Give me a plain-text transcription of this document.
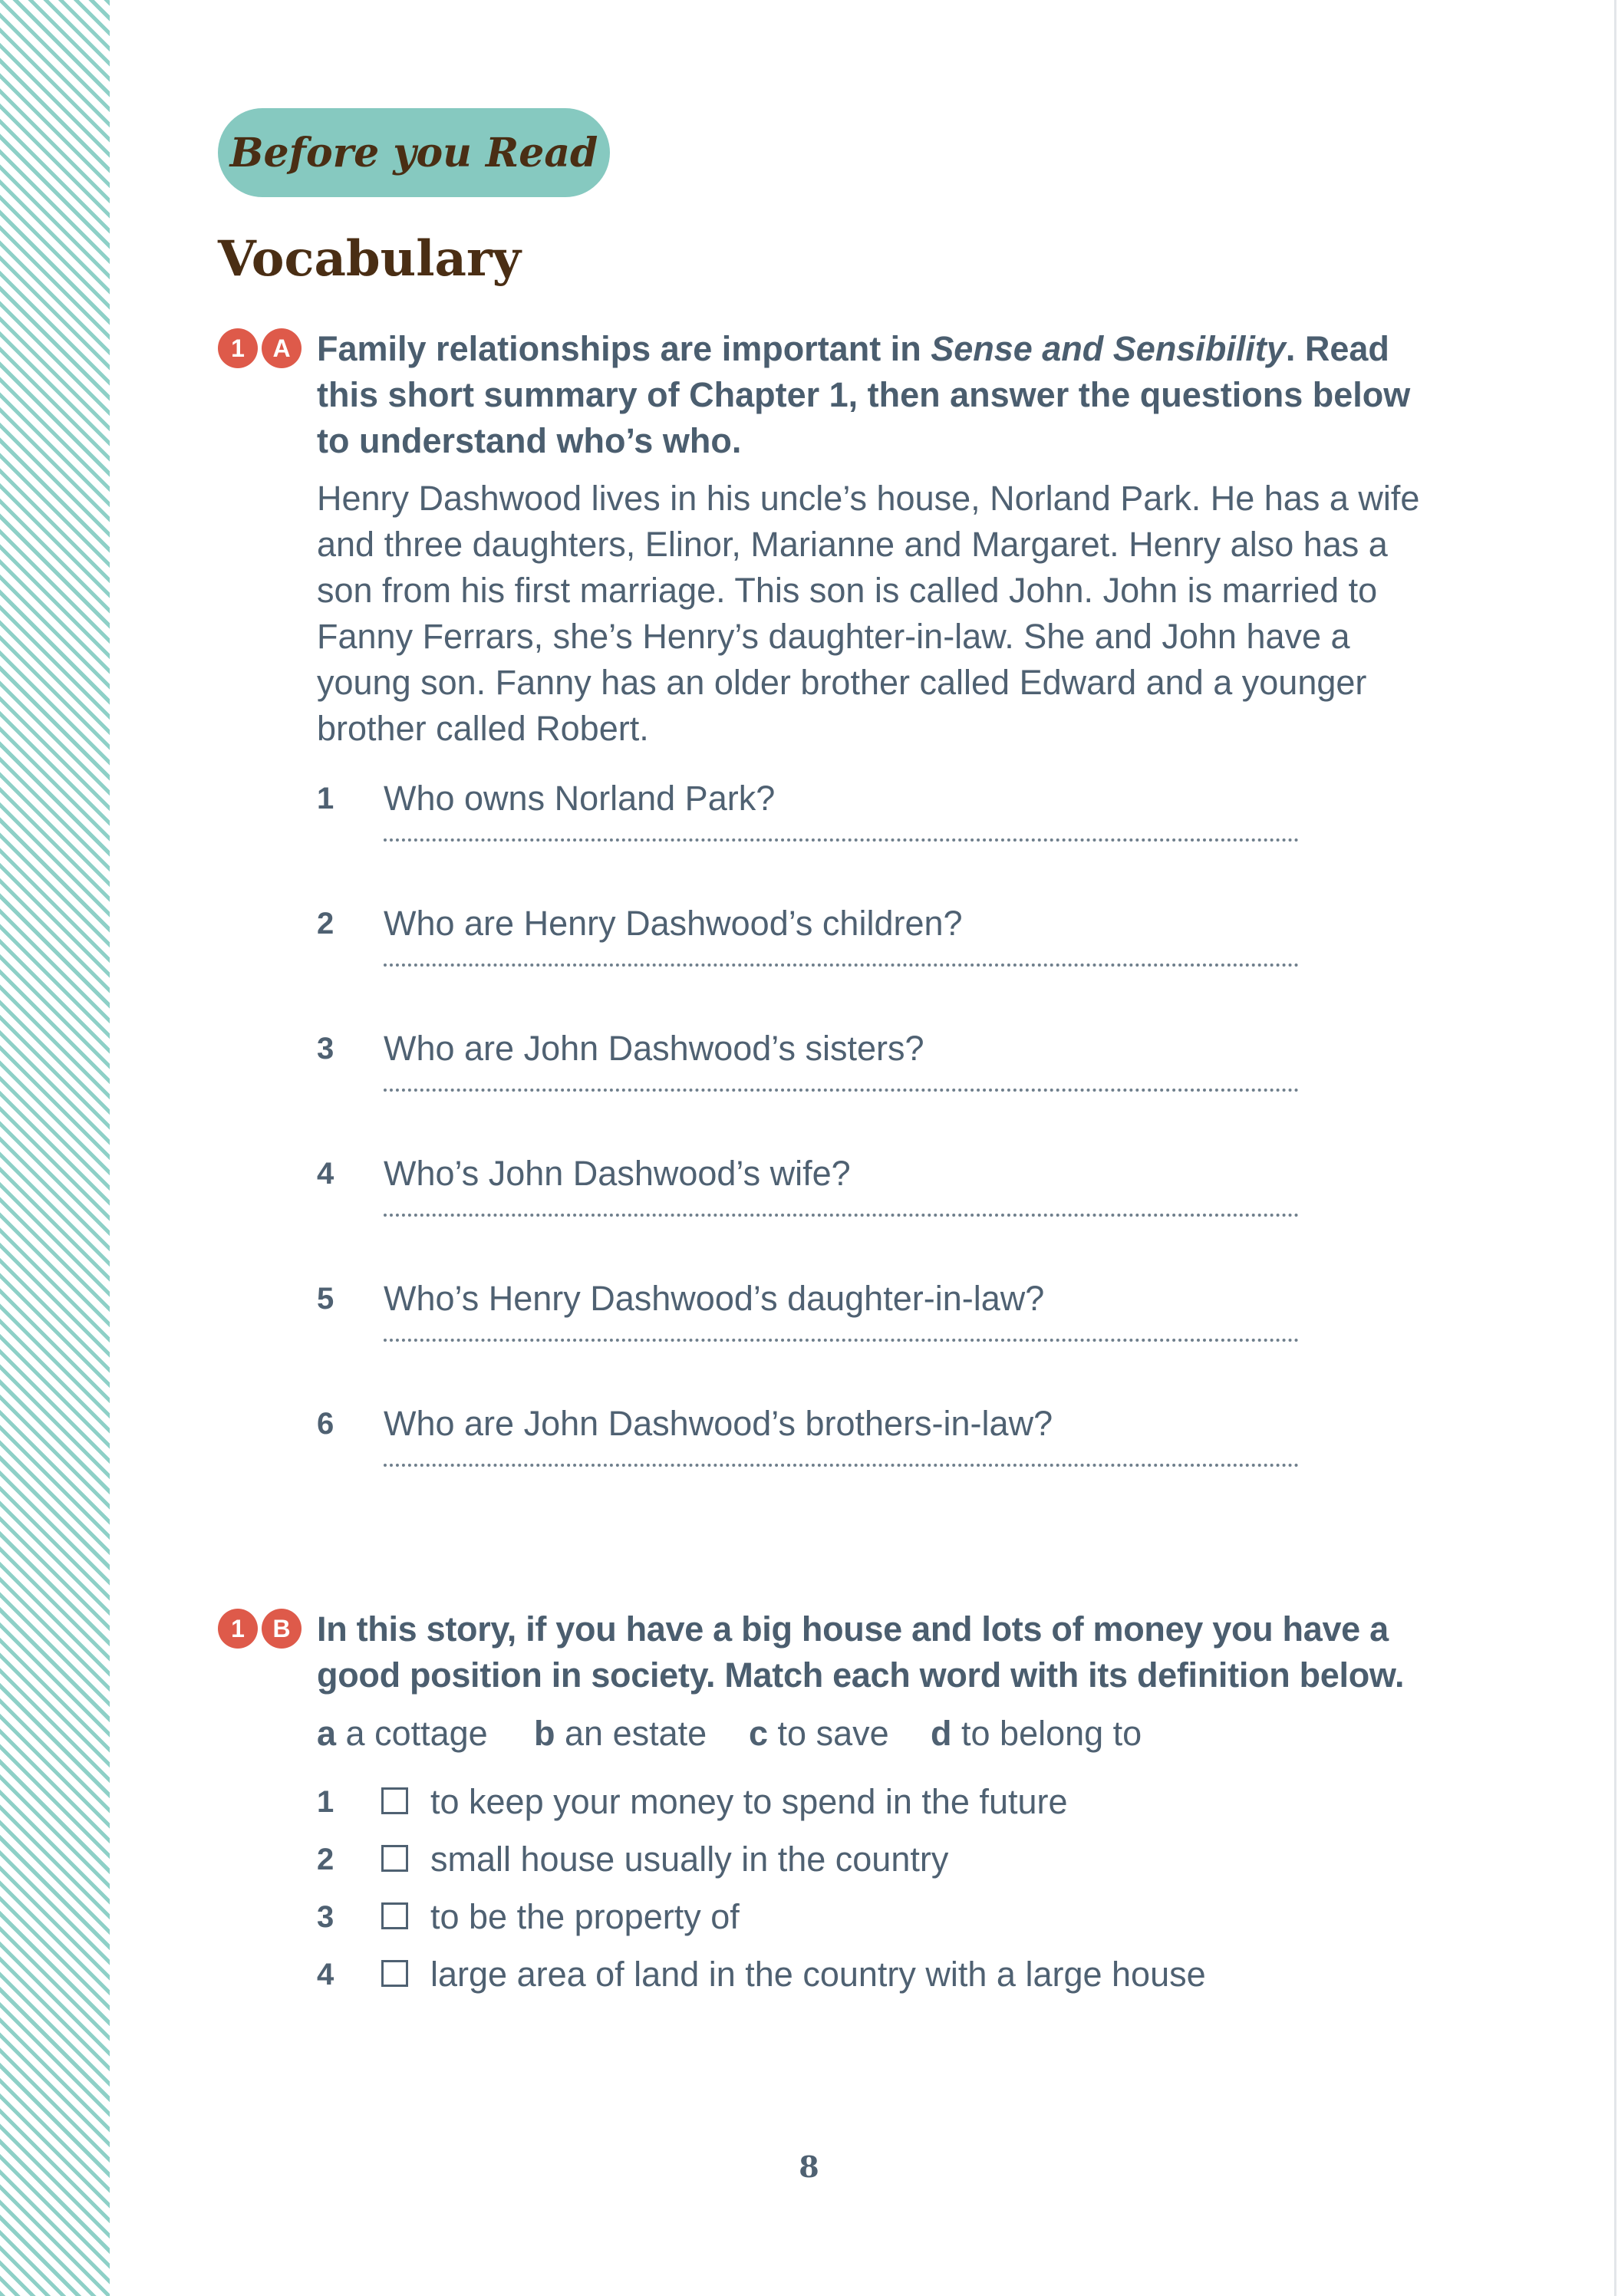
Before you Read
Vocabulary
1	A Family relationships are important in Sense and Sensibility. Read this short summary of Chapter 1, then answer the questions below to understand who’s who.
Henry Dashwood lives in his uncle’s house, Norland Park. He has a wife and three daughters, Elinor, Marianne and Margaret. Henry also has a son from his first marriage. This son is called John. John is married to Fanny Ferrars, she’s Henry’s daughter-in-law. She and John have a young son. Fanny has an older brother called Edward and a younger brother called Robert.
1 Who owns Norland Park?
2 Who are Henry Dashwood’s children?
3 Who are John Dashwood’s sisters?
4 Who’s John Dashwood’s wife?
5 Who’s Henry Dashwood’s daughter-in-law?
6 Who are John Dashwood’s brothers-in-law?
1	B In this story, if you have a big house and lots of money you have a good position in society. Match each word with its definition below.
a a cottage b an estate c to save d to belong to
1	to keep your money to spend in the future
2	small house usually in the country
3	to be the property of
4	large area of land in the country with a large house
8
